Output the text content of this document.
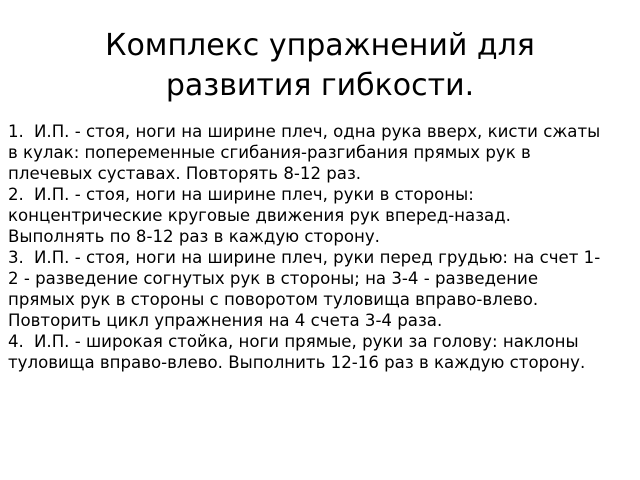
Комплекс упражнений для
развития гибкости.

1. И.П. - стоя, ноги на ширине плеч, одна рука вверх, кисти сжаты в кулак: попеременные сгибания-разгибания прямых рук в плечевых суставах. Повторять 8-12 раз.

2. И.П. - стоя, ноги на ширине плеч, руки в стороны: концентрические круговые движения рук вперед-назад. Выполнять по 8-12 раз в каждую сторону.

3. И.П. - стоя, ноги на ширине плеч, руки перед грудью: на счет 1-2 - разведение согнутых рук в стороны; на 3-4 - разведение прямых рук в стороны с поворотом туловища вправо-влево. Повторить цикл упражнения на 4 счета 3-4 раза.

4. И.П. - широкая стойка, ноги прямые, руки за голову: наклоны туловища вправо-влево. Выполнить 12-16 раз в каждую сторону.
